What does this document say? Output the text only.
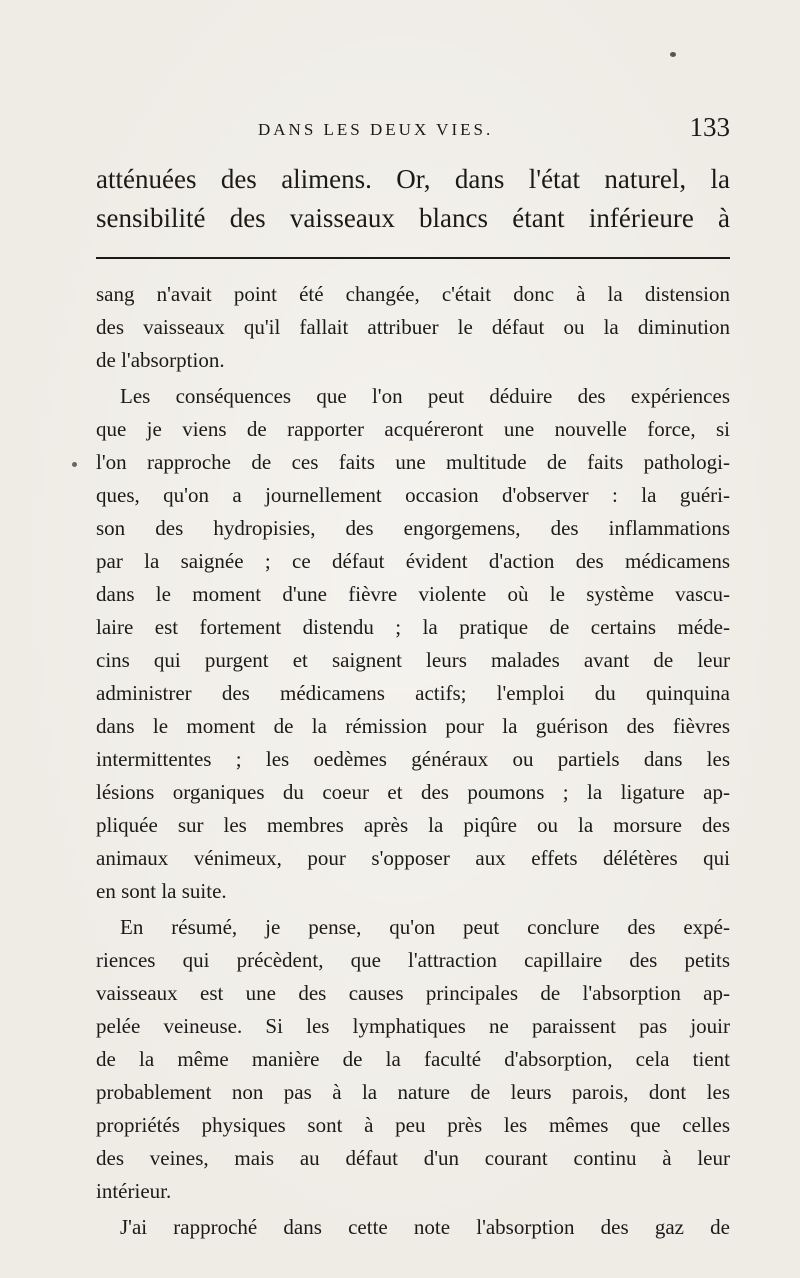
DANS LES DEUX VIES.	133
atténuées des alimens. Or, dans l'état naturel, la
sensibilité des vaisseaux blancs étant inférieure à
sang n'avait point été changée, c'était donc à la distension
des vaisseaux qu'il fallait attribuer le défaut ou la diminution
de l'absorption.
Les conséquences que l'on peut déduire des expériences
que je viens de rapporter acquéreront une nouvelle force, si
l'on rapproche de ces faits une multitude de faits pathologi-
ques, qu'on a journellement occasion d'observer : la guéri-
son des hydropisies, des engorgemens, des inflammations
par la saignée ; ce défaut évident d'action des médicamens
dans le moment d'une fièvre violente où le système vascu-
laire est fortement distendu ; la pratique de certains méde-
cins qui purgent et saignent leurs malades avant de leur
administrer des médicamens actifs; l'emploi du quinquina
dans le moment de la rémission pour la guérison des fièvres
intermittentes ; les oedèmes généraux ou partiels dans les
lésions organiques du coeur et des poumons ; la ligature ap-
pliquée sur les membres après la piqûre ou la morsure des
animaux vénimeux, pour s'opposer aux effets délétères qui
en sont la suite.
En résumé, je pense, qu'on peut conclure des expé-
riences qui précèdent, que l'attraction capillaire des petits
vaisseaux est une des causes principales de l'absorption ap-
pelée veineuse. Si les lymphatiques ne paraissent pas jouir
de la même manière de la faculté d'absorption, cela tient
probablement non pas à la nature de leurs parois, dont les
propriétés physiques sont à peu près les mêmes que celles
des veines, mais au défaut d'un courant continu à leur
intérieur.
J'ai rapproché dans cette note l'absorption des gaz de
